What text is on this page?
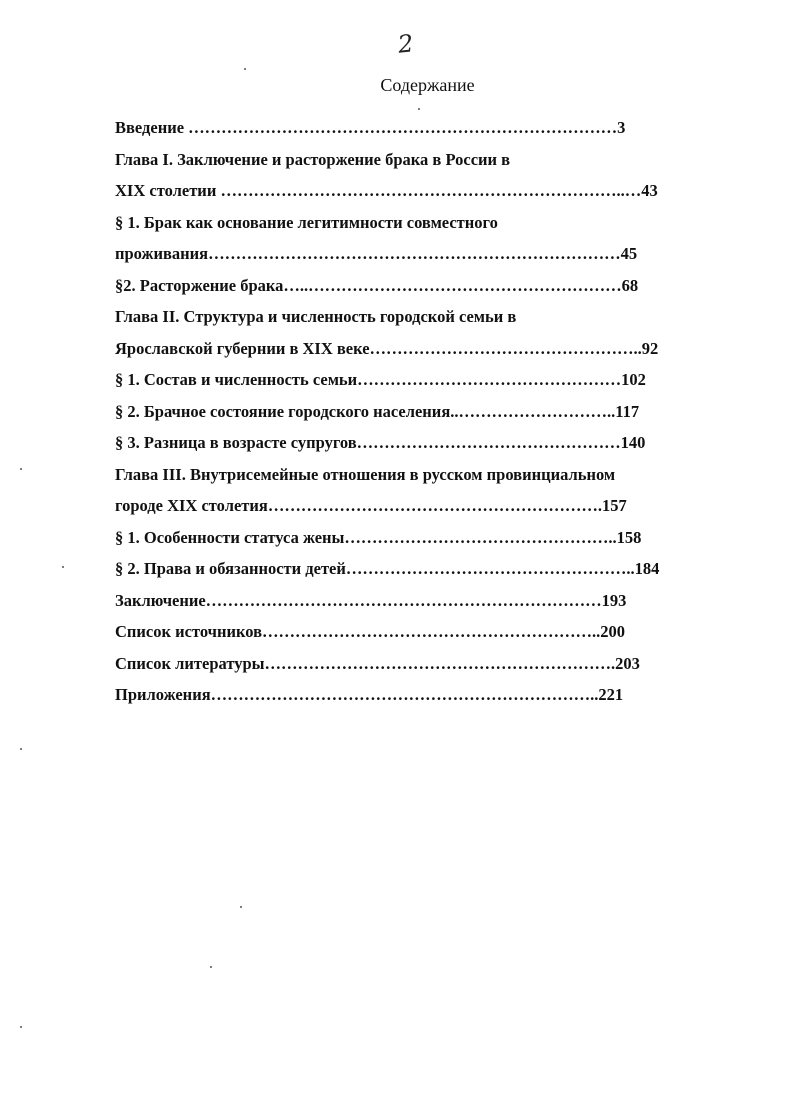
2
Содержание
Введение ……………………………………………………………………3
Глава I. Заключение и расторжение брака в России в
XIX столетии ………………………………………………………………..…43
§ 1. Брак как основание легитимности совместного
проживания…………………………………………………………………45
§2. Расторжение брака…..…………………………………………………68
Глава II. Структура и численность городской семьи в
Ярославской губернии в XIX веке…………………………………………..92
§ 1. Состав и численность семьи…………………………………………102
§ 2. Брачное состояние городского населения..………………………..117
§ 3. Разница в возрасте супругов…………………………………………140
Глава III. Внутрисемейные отношения в русском провинциальном
городе XIX столетия…………………………………………………….157
§ 1. Особенности статуса жены…………………………………………..158
§ 2. Права и обязанности детей……………………………………………..184
Заключение………………………………………………………………193
Список источников……………………………………………………..200
Список литературы……………………………………………………….203
Приложения……………………………………………………………..221
